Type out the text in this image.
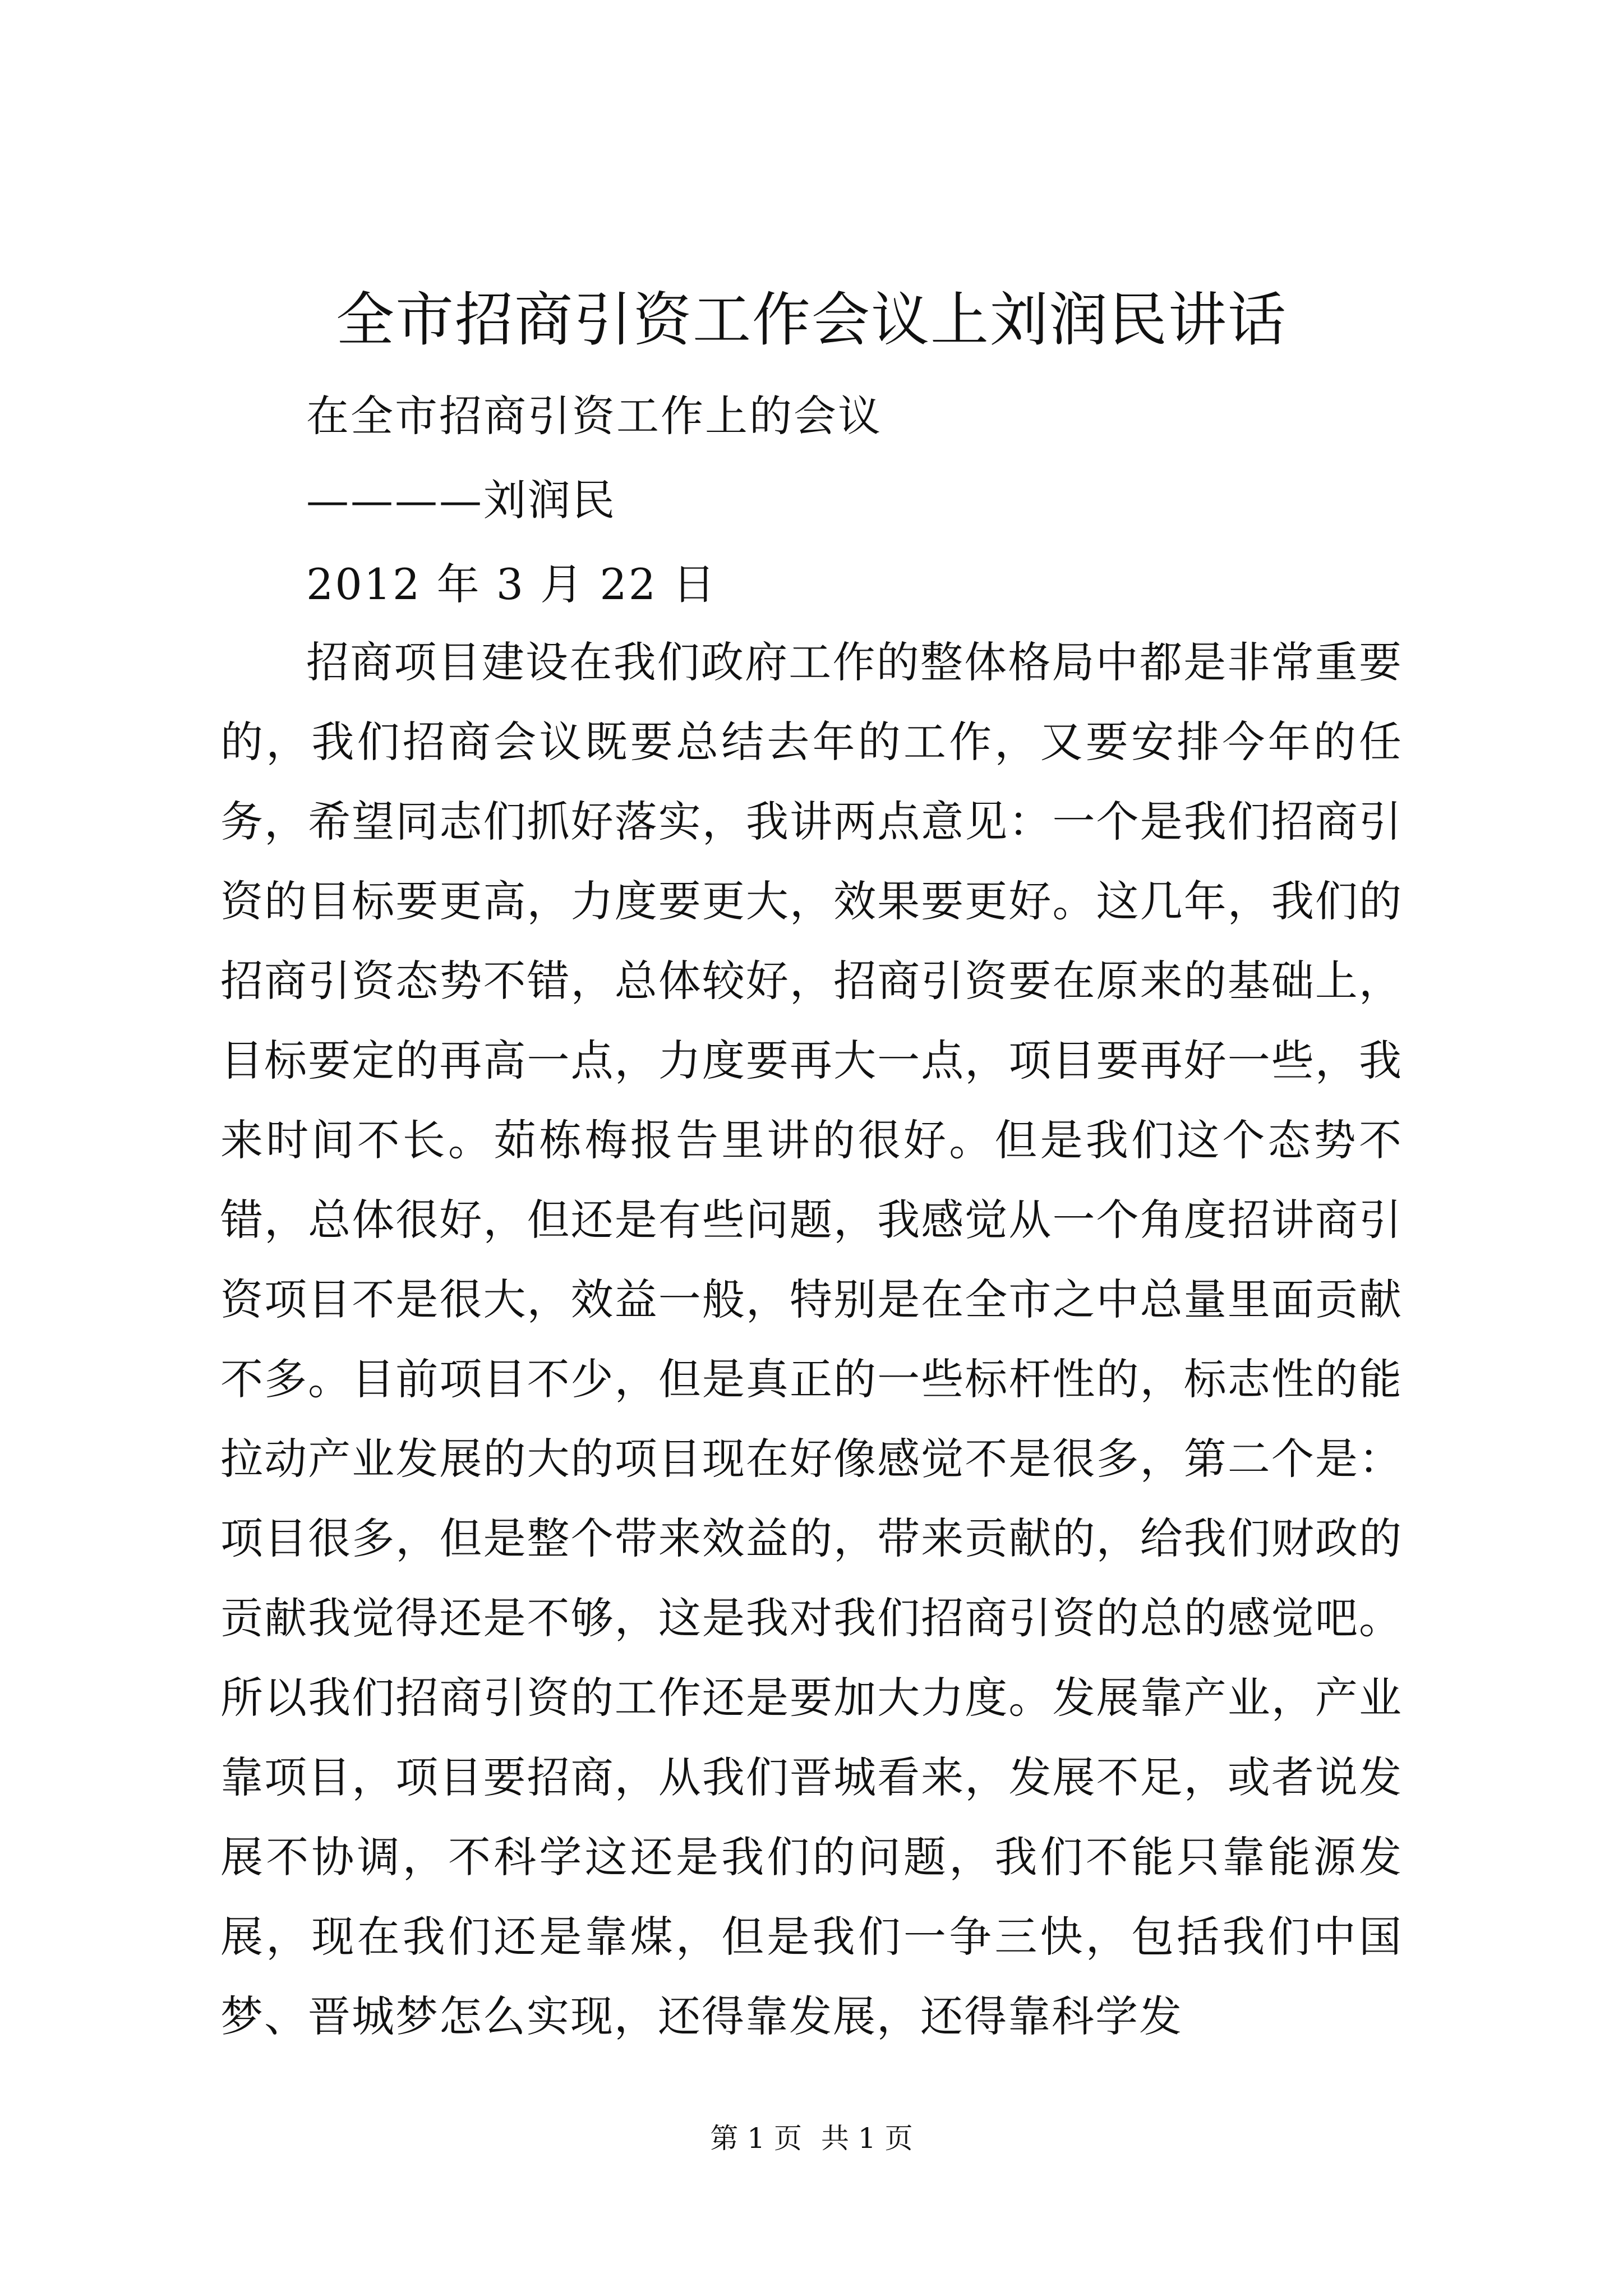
全市招商引资工作会议上刘润民讲话
在全市招商引资工作上的会议
————刘润民
2012 年 3 月 22 日

招商项目建设在我们政府工作的整体格局中都是非常重要的，我们招商会议既要总结去年的工作，又要安排今年的任务，希望同志们抓好落实，我讲两点意见：一个是我们招商引资的目标要更高，力度要更大，效果要更好。这几年，我们的招商引资态势不错，总体较好，招商引资要在原来的基础上，目标要定的再高一点，力度要再大一点，项目要再好一些，我来时间不长。茹栋梅报告里讲的很好。但是我们这个态势不错，总体很好，但还是有些问题，我感觉从一个角度招讲商引资项目不是很大，效益一般，特别是在全市之中总量里面贡献不多。目前项目不少，但是真正的一些标杆性的，标志性的能拉动产业发展的大的项目现在好像感觉不是很多，第二个是：项目很多，但是整个带来效益的，带来贡献的，给我们财政的贡献我觉得还是不够，这是我对我们招商引资的总的感觉吧。所以我们招商引资的工作还是要加大力度。发展靠产业，产业靠项目，项目要招商，从我们晋城看来，发展不足，或者说发展不协调，不科学这还是我们的问题，我们不能只靠能源发展，现在我们还是靠煤，但是我们一争三快，包括我们中国梦、晋城梦怎么实现，还得靠发展，还得靠科学发

第 1 页 共 1 页
